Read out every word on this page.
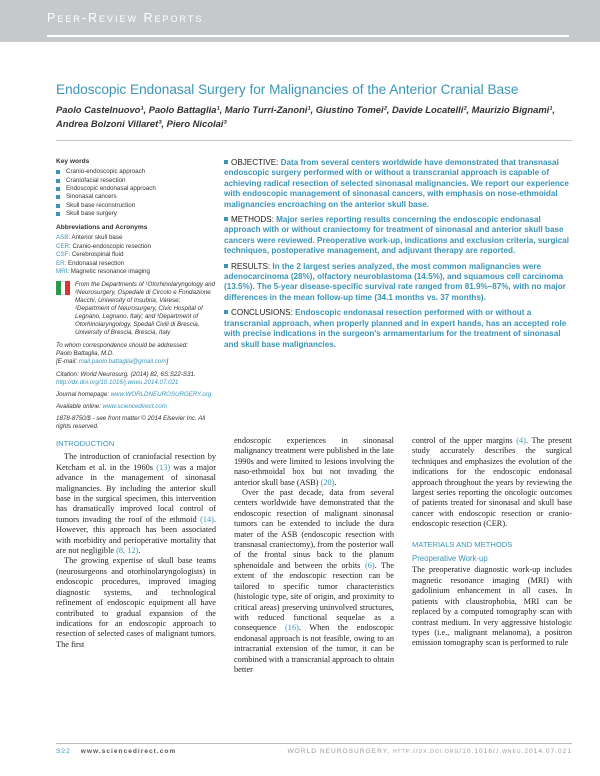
Peer-Review Reports
Endoscopic Endonasal Surgery for Malignancies of the Anterior Cranial Base
Paolo Castelnuovo¹, Paolo Battaglia¹, Mario Turri-Zanoni¹, Giustino Tomei², Davide Locatelli², Maurizio Bignami¹,
Andrea Bolzoni Villaret³, Piero Nicolai³
Key words
Cranio-endoscopic approach
Craniofacial resection
Endoscopic endonasal approach
Sinonasal cancers
Skull base reconstruction
Skull base surgery
Abbreviations and Acronyms
ASB: Anterior skull base
CER: Cranio-endoscopic resection
CSF: Cerebrospinal fluid
ER: Endonasal resection
MRI: Magnetic resonance imaging
From the Departments of ¹Otorhinolaryngology and ²Neurosurgery, Ospedale di Circolo e Fondazione Macchi, University of Insubria, Varese; ²Department of Neurosurgery, Civic Hospital of Legnano, Legnano, Italy; and ³Department of Otorhinolaryngology, Spedali Civili di Brescia, University of Brescia, Brescia, Italy
To whom correspondence should be addressed:
Paolo Battaglia, M.D.
[E-mail: mail.paolo.battaglia@gmail.com]

Citation: World Neurosurg. (2014) 82, 6S:S22-S31.
http://dx.doi.org/10.1016/j.wneu.2014.07.021

Journal homepage: www.WORLDNEUROSURGERY.org

Available online: www.sciencedirect.com

1878-8750/$ - see front matter © 2014 Elsevier Inc. All rights reserved.

OBJECTIVE: Data from several centers worldwide have demonstrated that transnasal endoscopic surgery performed with or without a transcranial approach is capable of achieving radical resection of selected sinonasal malignancies. We report our experience with endoscopic management of sinonasal cancers, with emphasis on nose-ethmoidal malignancies encroaching on the anterior skull base.
METHODS: Major series reporting results concerning the endoscopic endonasal approach with or without craniectomy for treatment of sinonasal and anterior skull base cancers were reviewed. Preoperative work-up, indications and exclusion criteria, surgical techniques, postoperative management, and adjuvant therapy are reported.
RESULTS: In the 2 largest series analyzed, the most common malignancies were adenocarcinoma (28%), olfactory neuroblastoma (14.5%), and squamous cell carcinoma (13.5%). The 5-year disease-specific survival rate ranged from 81.9%–87%, with no major differences in the mean follow-up time (34.1 months vs. 37 months).
CONCLUSIONS: Endoscopic endonasal resection performed with or without a transcranial approach, when properly planned and in expert hands, has an accepted role with precise indications in the surgeon's armamentarium for the treatment of sinonasal and skull base malignancies.
INTRODUCTION

The introduction of craniofacial resection by Ketcham et al. in the 1960s (13) was a major advance in the management of sinonasal malignancies. By including the anterior skull base in the surgical specimen, this intervention has dramatically improved local control of tumors invading the roof of the ethmoid (14). However, this approach has been associated with morbidity and perioperative mortality that are not negligible (8, 12).

The growing expertise of skull base teams (neurosurgeons and otorhinolaryngologists) in endoscopic procedures, improved imaging diagnostic systems, and technological refinement of endoscopic equipment all have contributed to gradual expansion of the indications for an endoscopic approach to resection of selected cases of malignant tumors. The first

endoscopic experiences in sinonasal malignancy treatment were published in the late 1990s and were limited to lesions involving the naso-ethmoidal box but not invading the anterior skull base (ASB) (20).

Over the past decade, data from several centers worldwide have demonstrated that the endoscopic resection of malignant sinonasal tumors can be extended to include the dura mater of the ASB (endoscopic resection with transnasal craniectomy), from the posterior wall of the frontal sinus back to the planum sphenoidale and between the orbits (6). The extent of the endoscopic resection can be tailored to specific tumor characteristics (histologic type, site of origin, and proximity to critical areas) preserving uninvolved structures, with reduced functional sequelae as a consequence (16). When the endoscopic endonasal approach is not feasible, owing to an intracranial extension of the tumor, it can be combined with a transcranial approach to obtain better

control of the upper margins (4). The present study accurately describes the surgical techniques and emphasizes the evolution of the indications for the endoscopic endonasal approach throughout the years by reviewing the largest series reporting the oncologic outcomes of patients treated for sinonasal and skull base cancer with endoscopic resection or cranio-endoscopic resection (CER).

MATERIALS AND METHODS
Preoperative Work-up

The preoperative diagnostic work-up includes magnetic resonance imaging (MRI) with gadolinium enhancement in all cases. In patients with claustrophobia, MRI can be replaced by a computed tomography scan with contrast medium. In very aggressive histologic types (i.e., malignant melanoma), a positron emission tomography scan is performed to rule

S22 www.sciencedirect.com	WORLD NEUROSURGERY, http://dx.doi.org/10.1016/j.wneu.2014.07.021
